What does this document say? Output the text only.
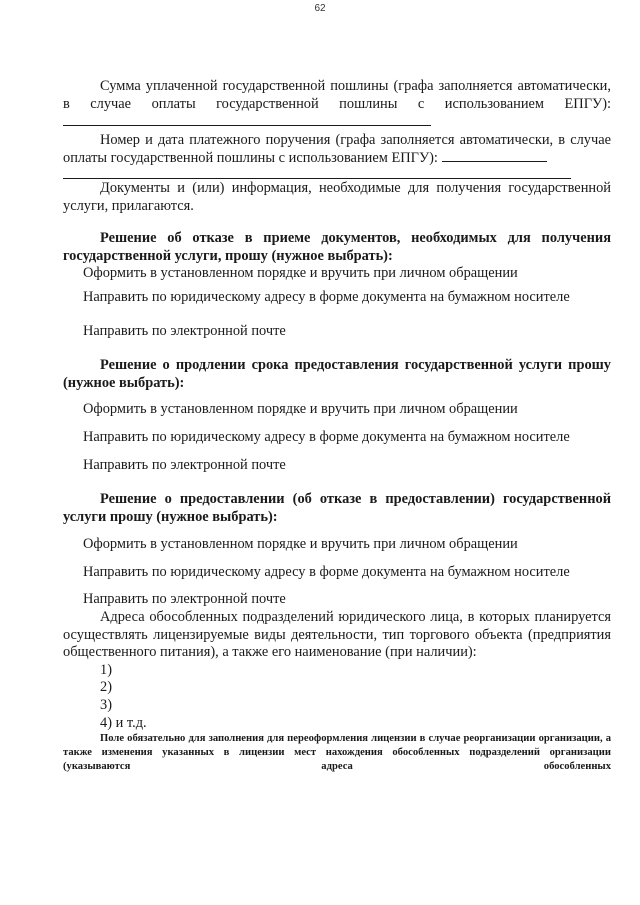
62

Сумма уплаченной государственной пошлины (графа заполняется автоматически, в случае оплаты государственной пошлины с использованием ЕПГУ):

Номер и дата платежного поручения (графа заполняется автоматически, в случае оплаты государственной пошлины с использованием ЕПГУ):

Документы и (или) информация, необходимые для получения государственной услуги, прилагаются.

Решение об отказе в приеме документов, необходимых для получения государственной услуги, прошу (нужное выбрать):

Оформить в установленном порядке и вручить при личном обращении

Направить по юридическому адресу в форме документа на бумажном носителе

Направить по электронной почте

Решение о продлении срока предоставления государственной услуги прошу (нужное выбрать):

Оформить в установленном порядке и вручить при личном обращении

Направить по юридическому адресу в форме документа на бумажном носителе

Направить по электронной почте

Решение о предоставлении (об отказе в предоставлении) государственной услуги прошу (нужное выбрать):

Оформить в установленном порядке и вручить при личном обращении

Направить по юридическому адресу в форме документа на бумажном носителе

Направить по электронной почте

Адреса обособленных подразделений юридического лица, в которых планируется осуществлять лицензируемые виды деятельности, тип торгового объекта (предприятия общественного питания), а также его наименование (при наличии):

1)

2)

3)

4) и т.д.

Поле обязательно для заполнения для переоформления лицензии в случае реорганизации организации, а также изменения указанных в лицензии мест нахождения обособленных подразделений организации (указываются адреса обособленных
